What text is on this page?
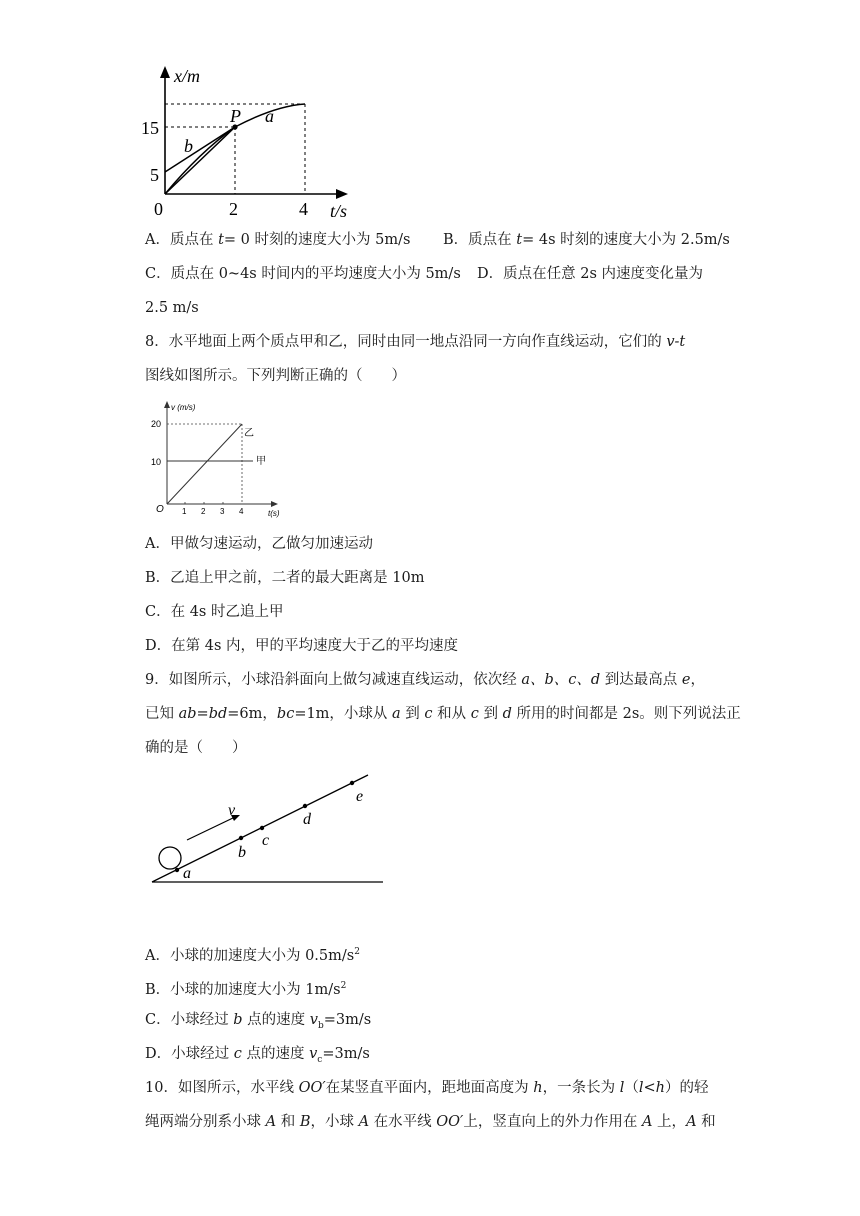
x/m
t/s
0
5
15
2	4
P a
b
A．质点在 t= 0 时刻的速度大小为 5m/s B．质点在 t= 4s 时刻的速度大小为 2.5m/s
C．质点在 0~4s 时间内的平均速度大小为 5m/s D．质点在任意 2s 内速度变化量为
2.5 m/s
8．水平地面上两个质点甲和乙，同时由同一地点沿同一方向作直线运动，它们的 v-t
图线如图所示。下列判断正确的（　　）
v (m/s)
t(s)
O
10
20
1 2 3 4
乙
甲
A．甲做匀速运动，乙做匀加速运动
B．乙追上甲之前，二者的最大距离是 10m
C．在 4s 时乙追上甲
D．在第 4s 内，甲的平均速度大于乙的平均速度
9．如图所示，小球沿斜面向上做匀减速直线运动，依次经 a、b、c、d 到达最高点 e，
已知 ab=bd=6m，bc=1m，小球从 a 到 c 和从 c 到 d 所用的时间都是 2s。则下列说法正
确的是（　　）
v
a
b
c
d
e
A．小球的加速度大小为 $0.5m/s^2$
B．小球的加速度大小为 $1m/s^2$
C．小球经过 b 点的速度 $v_b=3m/s$
D．小球经过 c 点的速度 $v_c=3m/s$
10．如图所示，水平线 OO′在某竖直平面内，距地面高度为 h，一条长为 l（l<h）的轻
绳两端分别系小球 A 和 B，小球 A 在水平线 OO′上，竖直向上的外力作用在 A 上，A 和
